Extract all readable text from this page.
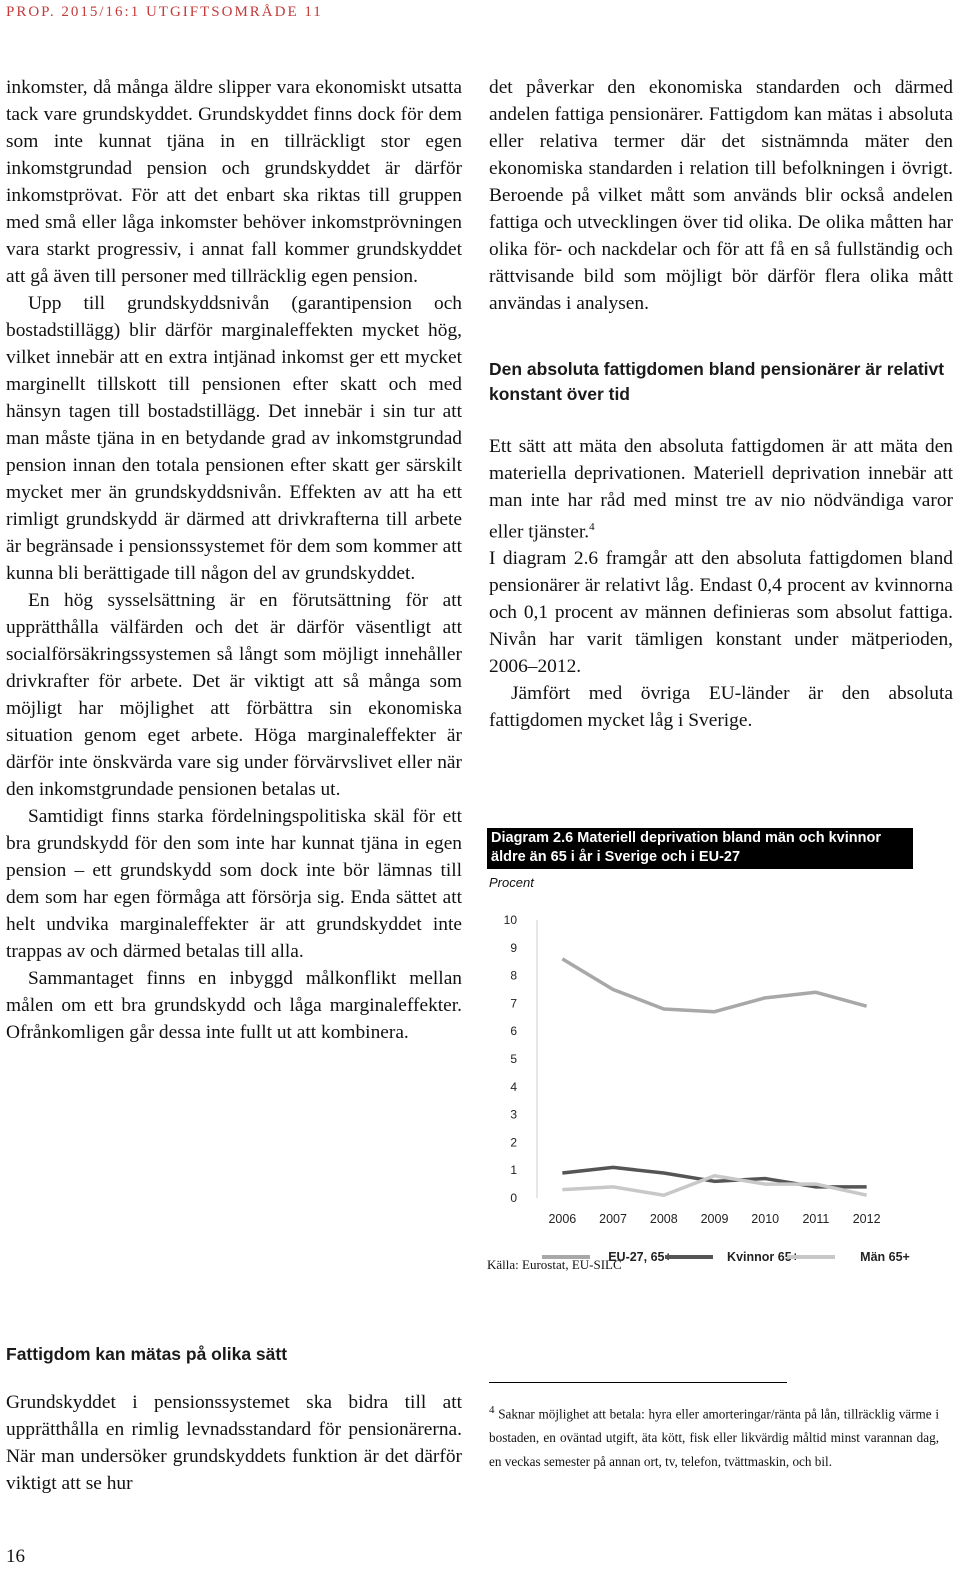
PROP. 2015/16:1 UTGIFTSOMRÅDE 11

inkomster, då många äldre slipper vara ekonomiskt utsatta tack vare grundskyddet. Grundskyddet finns dock för dem som inte kunnat tjäna in en tillräckligt stor egen inkomstgrundad pension och grundskyddet är därför inkomstprövat. För att det enbart ska riktas till gruppen med små eller låga inkomster behöver inkomstprövningen vara starkt progressiv, i annat fall kommer grundskyddet att gå även till personer med tillräcklig egen pension.

Upp till grundskyddsnivån (garantipension och bostadstillägg) blir därför marginaleffekten mycket hög, vilket innebär att en extra intjänad inkomst ger ett mycket marginellt tillskott till pensionen efter skatt och med hänsyn tagen till bostadstillägg. Det innebär i sin tur att man måste tjäna in en betydande grad av inkomstgrundad pension innan den totala pensionen efter skatt ger särskilt mycket mer än grundskyddsnivån. Effekten av att ha ett rimligt grundskydd är därmed att drivkrafterna till arbete är begränsade i pensionssystemet för dem som kommer att kunna bli berättigade till någon del av grundskyddet.

En hög sysselsättning är en förutsättning för att upprätthålla välfärden och det är därför väsentligt att socialförsäkringssystemen så långt som möjligt innehåller drivkrafter för arbete. Det är viktigt att så många som möjligt har möjlighet att förbättra sin ekonomiska situation genom eget arbete. Höga marginaleffekter är därför inte önskvärda vare sig under förvärvslivet eller när den inkomstgrundade pensionen betalas ut.

Samtidigt finns starka fördelningspolitiska skäl för ett bra grundskydd för den som inte har kunnat tjäna in egen pension – ett grundskydd som dock inte bör lämnas till dem som har egen förmåga att försörja sig. Enda sättet att helt undvika marginaleffekter är att grundskyddet inte trappas av och därmed betalas till alla.

Sammantaget finns en inbyggd målkonflikt mellan målen om ett bra grundskydd och låga marginaleffekter. Ofrånkomligen går dessa inte fullt ut att kombinera.

Fattigdom kan mätas på olika sätt

Grundskyddet i pensionssystemet ska bidra till att upprätthålla en rimlig levnadsstandard för pensionärerna. När man undersöker grundskyddets funktion är det därför viktigt att se hur

det påverkar den ekonomiska standarden och därmed andelen fattiga pensionärer. Fattigdom kan mätas i absoluta eller relativa termer där det sistnämnda mäter den ekonomiska standarden i relation till befolkningen i övrigt. Beroende på vilket mått som används blir också andelen fattiga och utvecklingen över tid olika. De olika måtten har olika för- och nackdelar och för att få en så fullständig och rättvisande bild som möjligt bör därför flera olika mått användas i analysen.

Den absoluta fattigdomen bland pensionärer är relativt konstant över tid

Ett sätt att mäta den absoluta fattigdomen är att mäta den materiella deprivationen. Materiell deprivation innebär att man inte har råd med minst tre av nio nödvändiga varor eller tjänster.$^4$

I diagram 2.6 framgår att den absoluta fattigdomen bland pensionärer är relativt låg. Endast 0,4 procent av kvinnorna och 0,1 procent av männen definieras som absolut fattiga. Nivån har varit tämligen konstant under mätperioden, 2006–2012.

Jämfört med övriga EU-länder är den absoluta fattigdomen mycket låg i Sverige.

Diagram 2.6 Materiell deprivation bland män och kvinnor
äldre än 65 i år i Sverige och i EU-27
Procent
0
1
2
3
4
5
6
7
8
9
10
2006 2007 2008 2009 2010 2011 2012
EU-27, 65+	Kvinnor 65+	Män 65+
Källa: Eurostat, EU-SILC
$^4$ Saknar möjlighet att betala: hyra eller amorteringar/ränta på lån, tillräcklig värme i bostaden, en oväntad utgift, äta kött, fisk eller likvärdig måltid minst varannan dag, en veckas semester på annan ort, tv, telefon, tvättmaskin, och bil.
16
